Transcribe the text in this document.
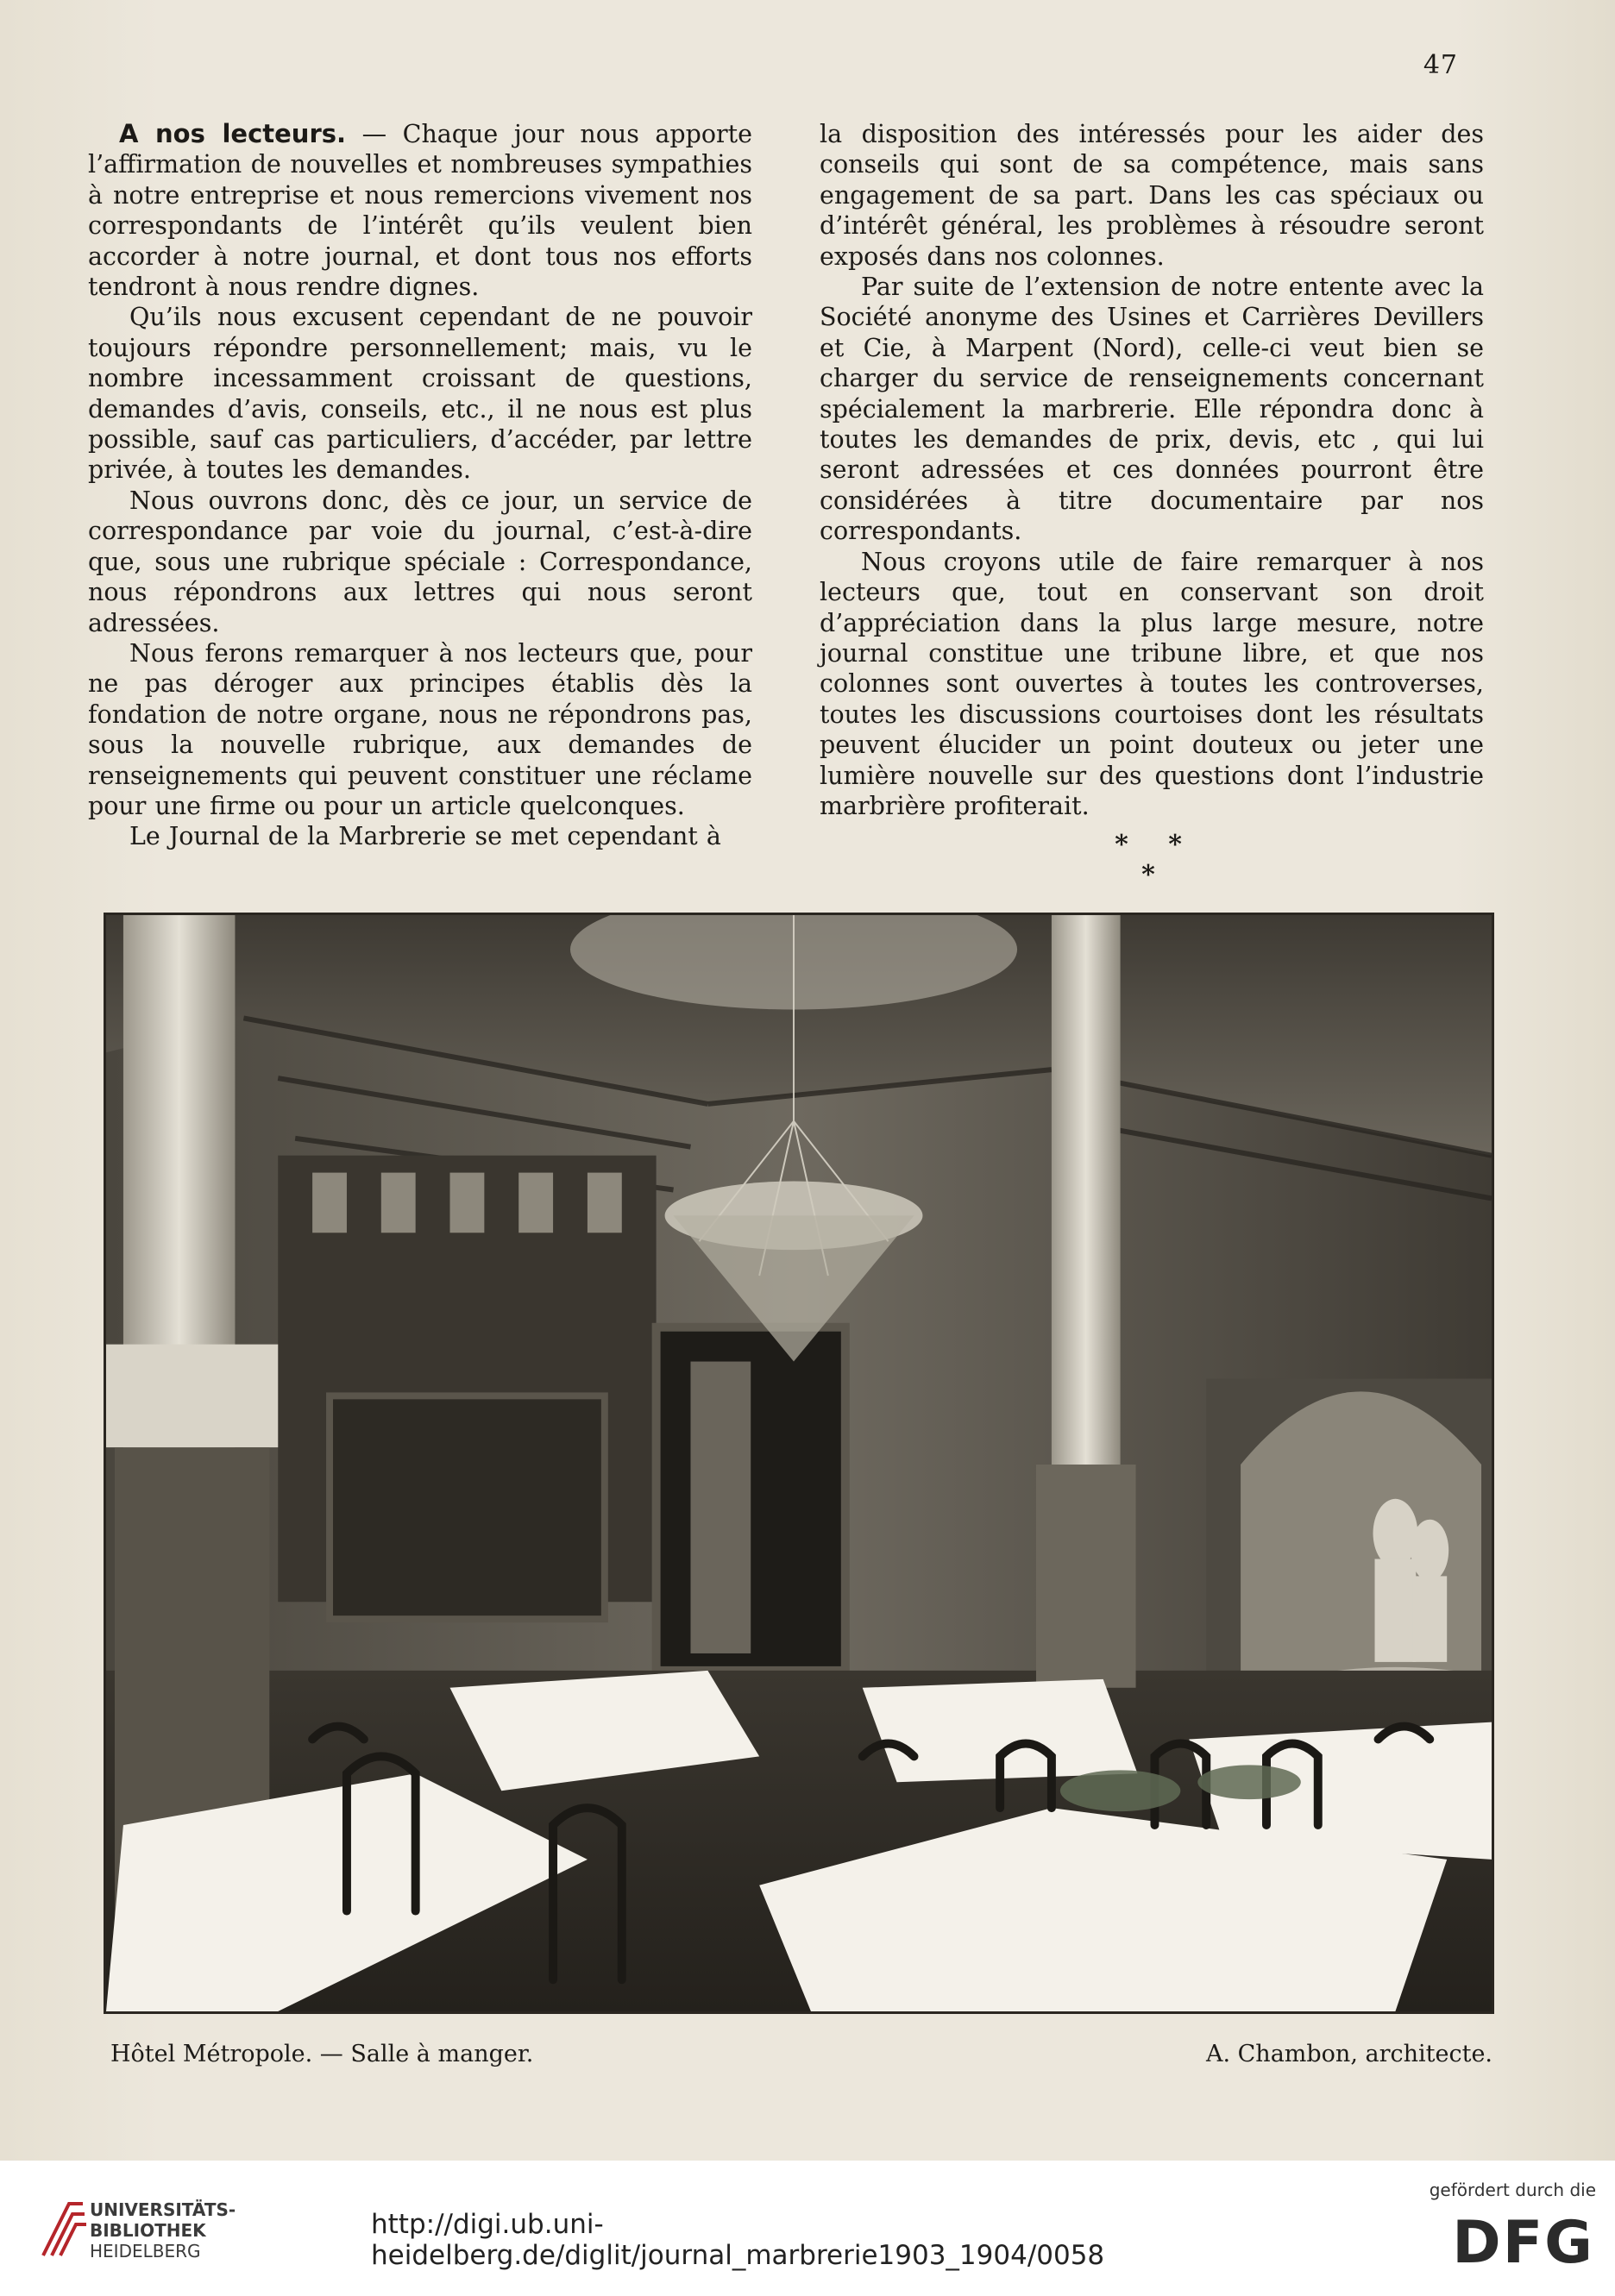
47

A nos lecteurs. — Chaque jour nous apporte l’affirmation de nouvelles et nombreuses sympathies à notre entreprise et nous remercions vivement nos correspondants de l’intérêt qu’ils veulent bien accorder à notre journal, et dont tous nos efforts tendront à nous rendre dignes.

Qu’ils nous excusent cependant de ne pouvoir toujours répondre personnellement; mais, vu le nombre incessamment croissant de questions, demandes d’avis, conseils, etc., il ne nous est plus possible, sauf cas particuliers, d’accéder, par lettre privée, à toutes les demandes.

Nous ouvrons donc, dès ce jour, un service de correspondance par voie du journal, c’est-à-dire que, sous une rubrique spéciale : Correspondance, nous répondrons aux lettres qui nous seront adressées.

Nous ferons remarquer à nos lecteurs que, pour ne pas déroger aux principes établis dès la fondation de notre organe, nous ne répondrons pas, sous la nouvelle rubrique, aux demandes de renseignements qui peuvent constituer une réclame pour une firme ou pour un article quelconques.

Le Journal de la Marbrerie se met cependant à

la disposition des intéressés pour les aider des conseils qui sont de sa compétence, mais sans engagement de sa part. Dans les cas spéciaux ou d’intérêt général, les problèmes à résoudre seront exposés dans nos colonnes.

Par suite de l’extension de notre entente avec la Société anonyme des Usines et Carrières Devillers et Cie, à Marpent (Nord), celle-ci veut bien se charger du service de renseignements concernant spécialement la marbrerie. Elle répondra donc à toutes les demandes de prix, devis, etc , qui lui seront adressées et ces données pourront être considérées à titre documentaire par nos correspondants.

Nous croyons utile de faire remarquer à nos lecteurs que, tout en conservant son droit d’appréciation dans la plus large mesure, notre journal constitue une tribune libre, et que nos colonnes sont ouvertes à toutes les controverses, toutes les discussions courtoises dont les résultats peuvent élucider un point douteux ou jeter une lumière nouvelle sur des questions dont l’industrie marbrière profiterait.

* * *
Hôtel Métropole. — Salle à manger.	A. Chambon, architecte.
UNIVERSITÄTS-
BIBLIOTHEK
HEIDELBERG
http://digi.ub.uni-heidelberg.de/diglit/journal_marbrerie1903_1904/0058
gefördert durch die
DFG
